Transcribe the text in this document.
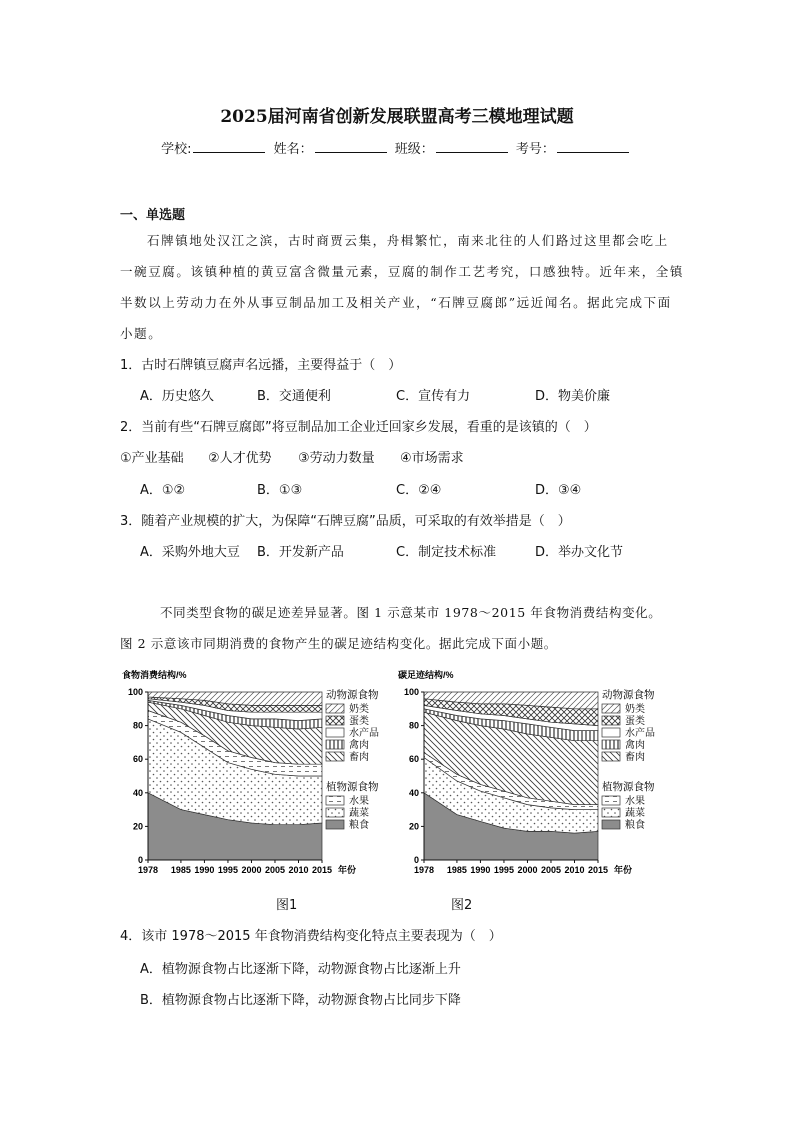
2025届河南省创新发展联盟高考三模地理试题
学校:	姓名：	班级：	考号：
一、单选题
石牌镇地处汉江之滨，古时商贾云集，舟楫繁忙，南来北往的人们路过这里都会吃上
一碗豆腐。该镇种植的黄豆富含微量元素，豆腐的制作工艺考究，口感独特。近年来，全镇
半数以上劳动力在外从事豆制品加工及相关产业，“石牌豆腐郎”远近闻名。据此完成下面
小题。
1．古时石牌镇豆腐声名远播，主要得益于（　）
A．历史悠久	B．交通便利	C．宣传有力	D．物美价廉
2．当前有些“石牌豆腐郎”将豆制品加工企业迁回家乡发展，看重的是该镇的（　）
①产业基础 ②人才优势 ③劳动力数量 ④市场需求
A．①②	B．①③	C．②④	D．③④
3．随着产业规模的扩大，为保障“石牌豆腐”品质，可采取的有效举措是（　）
A．采购外地大豆 B．开发新产品	C．制定技术标准	D．举办文化节
不同类型食物的碳足迹差异显著。图 1 示意某市 1978～2015 年食物消费结构变化。
图 2 示意该市同期消费的食物产生的碳足迹结构变化。据此完成下面小题。
食物消费结构/%
0
20
40
60
80
100
1978 1985 1990 1995 2000 2005 2010 2015 年份
动物源食物
奶类
蛋类
水产品
禽肉
畜肉
植物源食物
水果
蔬菜
粮食
碳足迹结构/%
0
20
40
60
80
100
1978 1985 1990 1995 2000 2005 2010 2015 年份
动物源食物
奶类
蛋类
水产品
禽肉
畜肉
植物源食物
水果
蔬菜
粮食
图1	图2
4．该市 1978～2015 年食物消费结构变化特点主要表现为（　）
A．植物源食物占比逐渐下降，动物源食物占比逐渐上升
B．植物源食物占比逐渐下降，动物源食物占比同步下降
